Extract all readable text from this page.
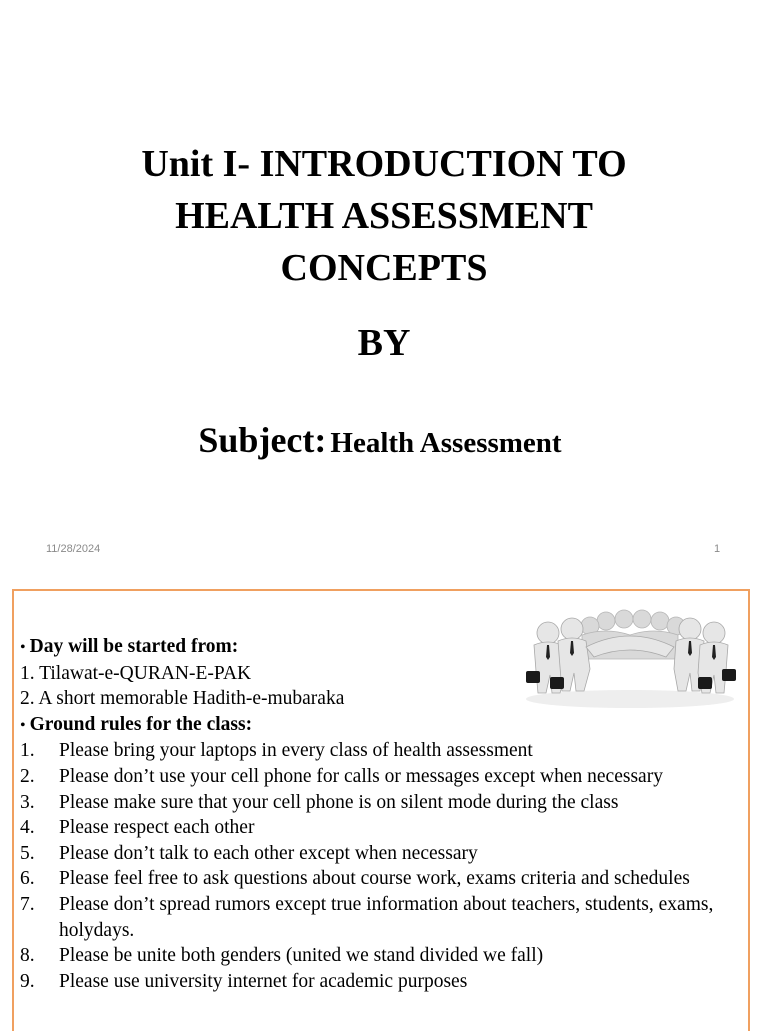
Unit I- INTRODUCTION TO
HEALTH ASSESSMENT
CONCEPTS
BY
Subject: Health Assessment
11/28/2024	1
• Day will be started from:
1. Tilawat-e-QURAN-E-PAK
2. A short memorable Hadith-e-mubaraka
• Ground rules for the class:
1.	Please bring your laptops in every class of health assessment
2.	Please don’t use your cell phone for calls or messages except when necessary
3.	Please make sure that your cell phone is on silent mode during the class
4.	Please respect each other
5.	Please don’t talk to each other except when necessary
6.	Please feel free to ask questions about course work, exams criteria and schedules
7.	Please don’t spread rumors except true information about teachers, students, exams, holydays.
8.	Please be unite both genders (united we stand divided we fall)
9.	Please use university internet for academic purposes
